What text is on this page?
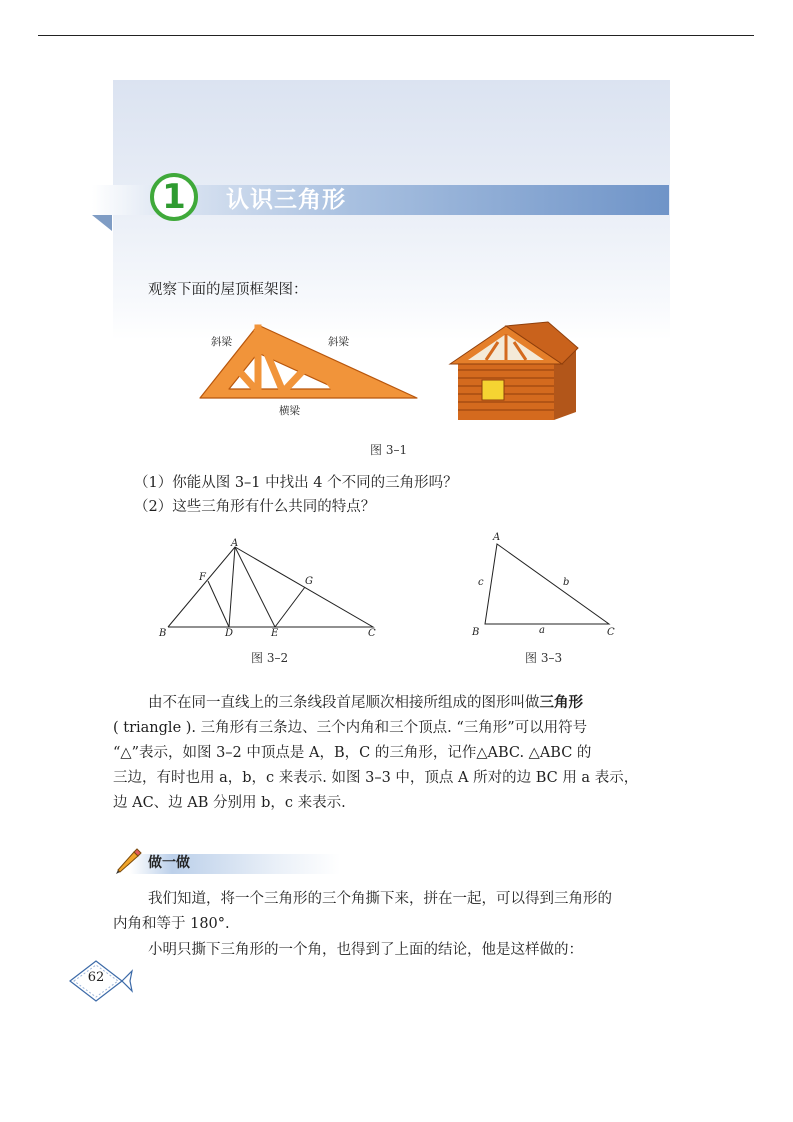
1	认识三角形
观察下面的屋顶框架图：
斜梁	斜梁
横梁
图 3–1
（1）你能从图 3–1 中找出 4 个不同的三角形吗？
（2）这些三角形有什么共同的特点？
A
F	G
B	D	E	C
图 3–2
A
B	C
c	b
a
图 3–3
由不在同一直线上的三条线段首尾顺次相接所组成的图形叫做三角形
( triangle ). 三角形有三条边、三个内角和三个顶点. “三角形”可以用符号
“△”表示，如图 3–2 中顶点是 A，B，C 的三角形，记作△ABC. △ABC 的
三边，有时也用 a，b，c 来表示. 如图 3–3 中，顶点 A 所对的边 BC 用 a 表示，
边 AC、边 AB 分别用 b，c 来表示.
做一做
我们知道，将一个三角形的三个角撕下来，拼在一起，可以得到三角形的
内角和等于 180°.
小明只撕下三角形的一个角，也得到了上面的结论，他是这样做的：
62
